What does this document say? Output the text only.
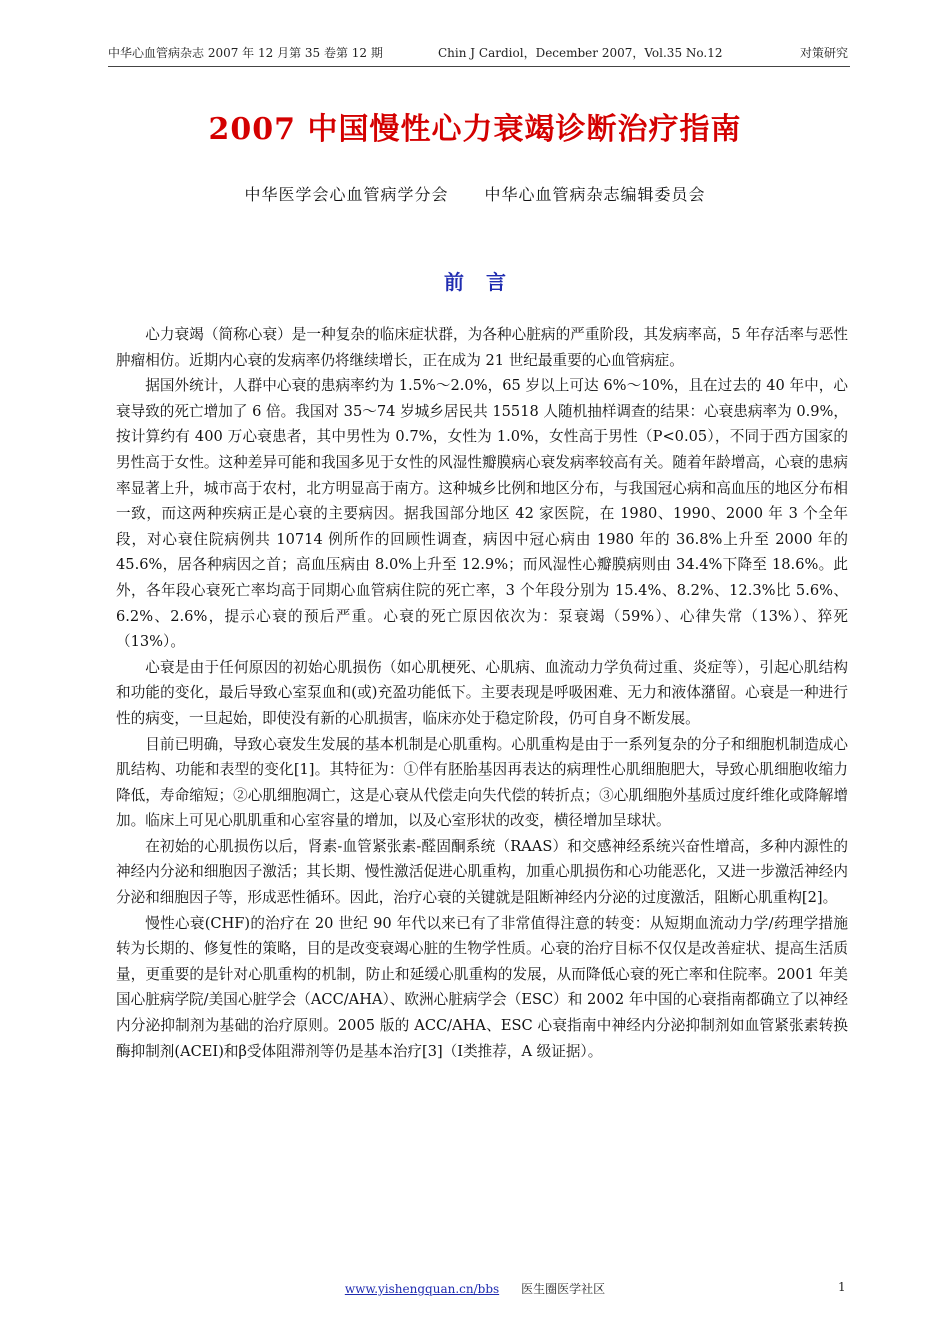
中华心血管病杂志 2007 年 12 月第 35 卷第 12 期	Chin J Cardiol，December 2007，Vol.35 No.12	对策研究
2007 中国慢性心力衰竭诊断治疗指南
中华医学会心血管病学分会 中华心血管病杂志编辑委员会
前言

心力衰竭（简称心衰）是一种复杂的临床症状群，为各种心脏病的严重阶段，其发病率高，5 年存活率与恶性肿瘤相仿。近期内心衰的发病率仍将继续增长，正在成为 21 世纪最重要的心血管病症。

据国外统计，人群中心衰的患病率约为 1.5%～2.0%，65 岁以上可达 6%～10%，且在过去的 40 年中，心衰导致的死亡增加了 6 倍。我国对 35～74 岁城乡居民共 15518 人随机抽样调查的结果：心衰患病率为 0.9%，按计算约有 400 万心衰患者，其中男性为 0.7%，女性为 1.0%，女性高于男性（P<0.05），不同于西方国家的男性高于女性。这种差异可能和我国多见于女性的风湿性瓣膜病心衰发病率较高有关。随着年龄增高，心衰的患病率显著上升，城市高于农村，北方明显高于南方。这种城乡比例和地区分布，与我国冠心病和高血压的地区分布相一致，而这两种疾病正是心衰的主要病因。据我国部分地区 42 家医院，在 1980、1990、2000 年 3 个全年段，对心衰住院病例共 10714 例所作的回顾性调查，病因中冠心病由 1980 年的 36.8%上升至 2000 年的 45.6%，居各种病因之首；高血压病由 8.0%上升至 12.9%；而风湿性心瓣膜病则由 34.4%下降至 18.6%。此外，各年段心衰死亡率均高于同期心血管病住院的死亡率，3 个年段分别为 15.4%、8.2%、12.3%比 5.6%、6.2%、2.6%，提示心衰的预后严重。心衰的死亡原因依次为：泵衰竭（59%）、心律失常（13%）、猝死（13%）。

心衰是由于任何原因的初始心肌损伤（如心肌梗死、心肌病、血流动力学负荷过重、炎症等），引起心肌结构和功能的变化，最后导致心室泵血和(或)充盈功能低下。主要表现是呼吸困难、无力和液体潴留。心衰是一种进行性的病变，一旦起始，即使没有新的心肌损害，临床亦处于稳定阶段，仍可自身不断发展。

目前已明确，导致心衰发生发展的基本机制是心肌重构。心肌重构是由于一系列复杂的分子和细胞机制造成心肌结构、功能和表型的变化[1]。其特征为：①伴有胚胎基因再表达的病理性心肌细胞肥大，导致心肌细胞收缩力降低，寿命缩短；②心肌细胞凋亡，这是心衰从代偿走向失代偿的转折点；③心肌细胞外基质过度纤维化或降解增加。临床上可见心肌肌重和心室容量的增加，以及心室形状的改变，横径增加呈球状。

在初始的心肌损伤以后，肾素-血管紧张素-醛固酮系统（RAAS）和交感神经系统兴奋性增高，多种内源性的神经内分泌和细胞因子激活；其长期、慢性激活促进心肌重构，加重心肌损伤和心功能恶化，又进一步激活神经内分泌和细胞因子等，形成恶性循环。因此，治疗心衰的关键就是阻断神经内分泌的过度激活，阻断心肌重构[2]。

慢性心衰(CHF)的治疗在 20 世纪 90 年代以来已有了非常值得注意的转变：从短期血流动力学/药理学措施转为长期的、修复性的策略，目的是改变衰竭心脏的生物学性质。心衰的治疗目标不仅仅是改善症状、提高生活质量，更重要的是针对心肌重构的机制，防止和延缓心肌重构的发展，从而降低心衰的死亡率和住院率。2001 年美国心脏病学院/美国心脏学会（ACC/AHA）、欧洲心脏病学会（ESC）和 2002 年中国的心衰指南都确立了以神经内分泌抑制剂为基础的治疗原则。2005 版的 ACC/AHA、ESC 心衰指南中神经内分泌抑制剂如血管紧张素转换酶抑制剂(ACEI)和β受体阻滞剂等仍是基本治疗[3]（Ⅰ类推荐，A 级证据）。

www.yishengquan.cn/bbs 医生圈医学社区	1
